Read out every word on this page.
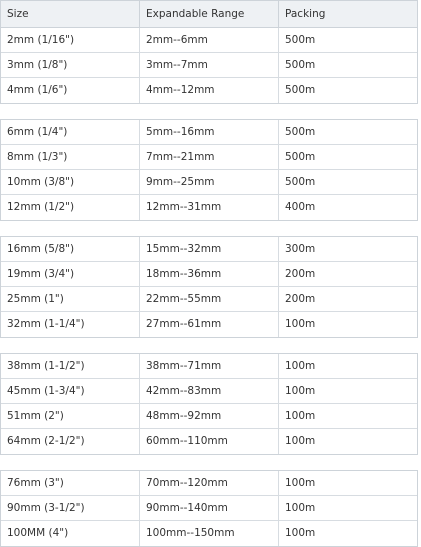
Size	Expandable Range	Packing
2mm (1/16")	2mm--6mm	500m
3mm (1/8")	3mm--7mm	500m
4mm (1/6")	4mm--12mm	500m
6mm (1/4")	5mm--16mm	500m
8mm (1/3")	7mm--21mm	500m
10mm (3/8")	9mm--25mm	500m
12mm (1/2")	12mm--31mm	400m
16mm (5/8")	15mm--32mm	300m
19mm (3/4")	18mm--36mm	200m
25mm (1")	22mm--55mm	200m
32mm (1-1/4")	27mm--61mm	100m
38mm (1-1/2")	38mm--71mm	100m
45mm (1-3/4")	42mm--83mm	100m
51mm (2")	48mm--92mm	100m
64mm (2-1/2")	60mm--110mm	100m
76mm (3")	70mm--120mm	100m
90mm (3-1/2")	90mm--140mm	100m
100MM (4")	100mm--150mm	100m
